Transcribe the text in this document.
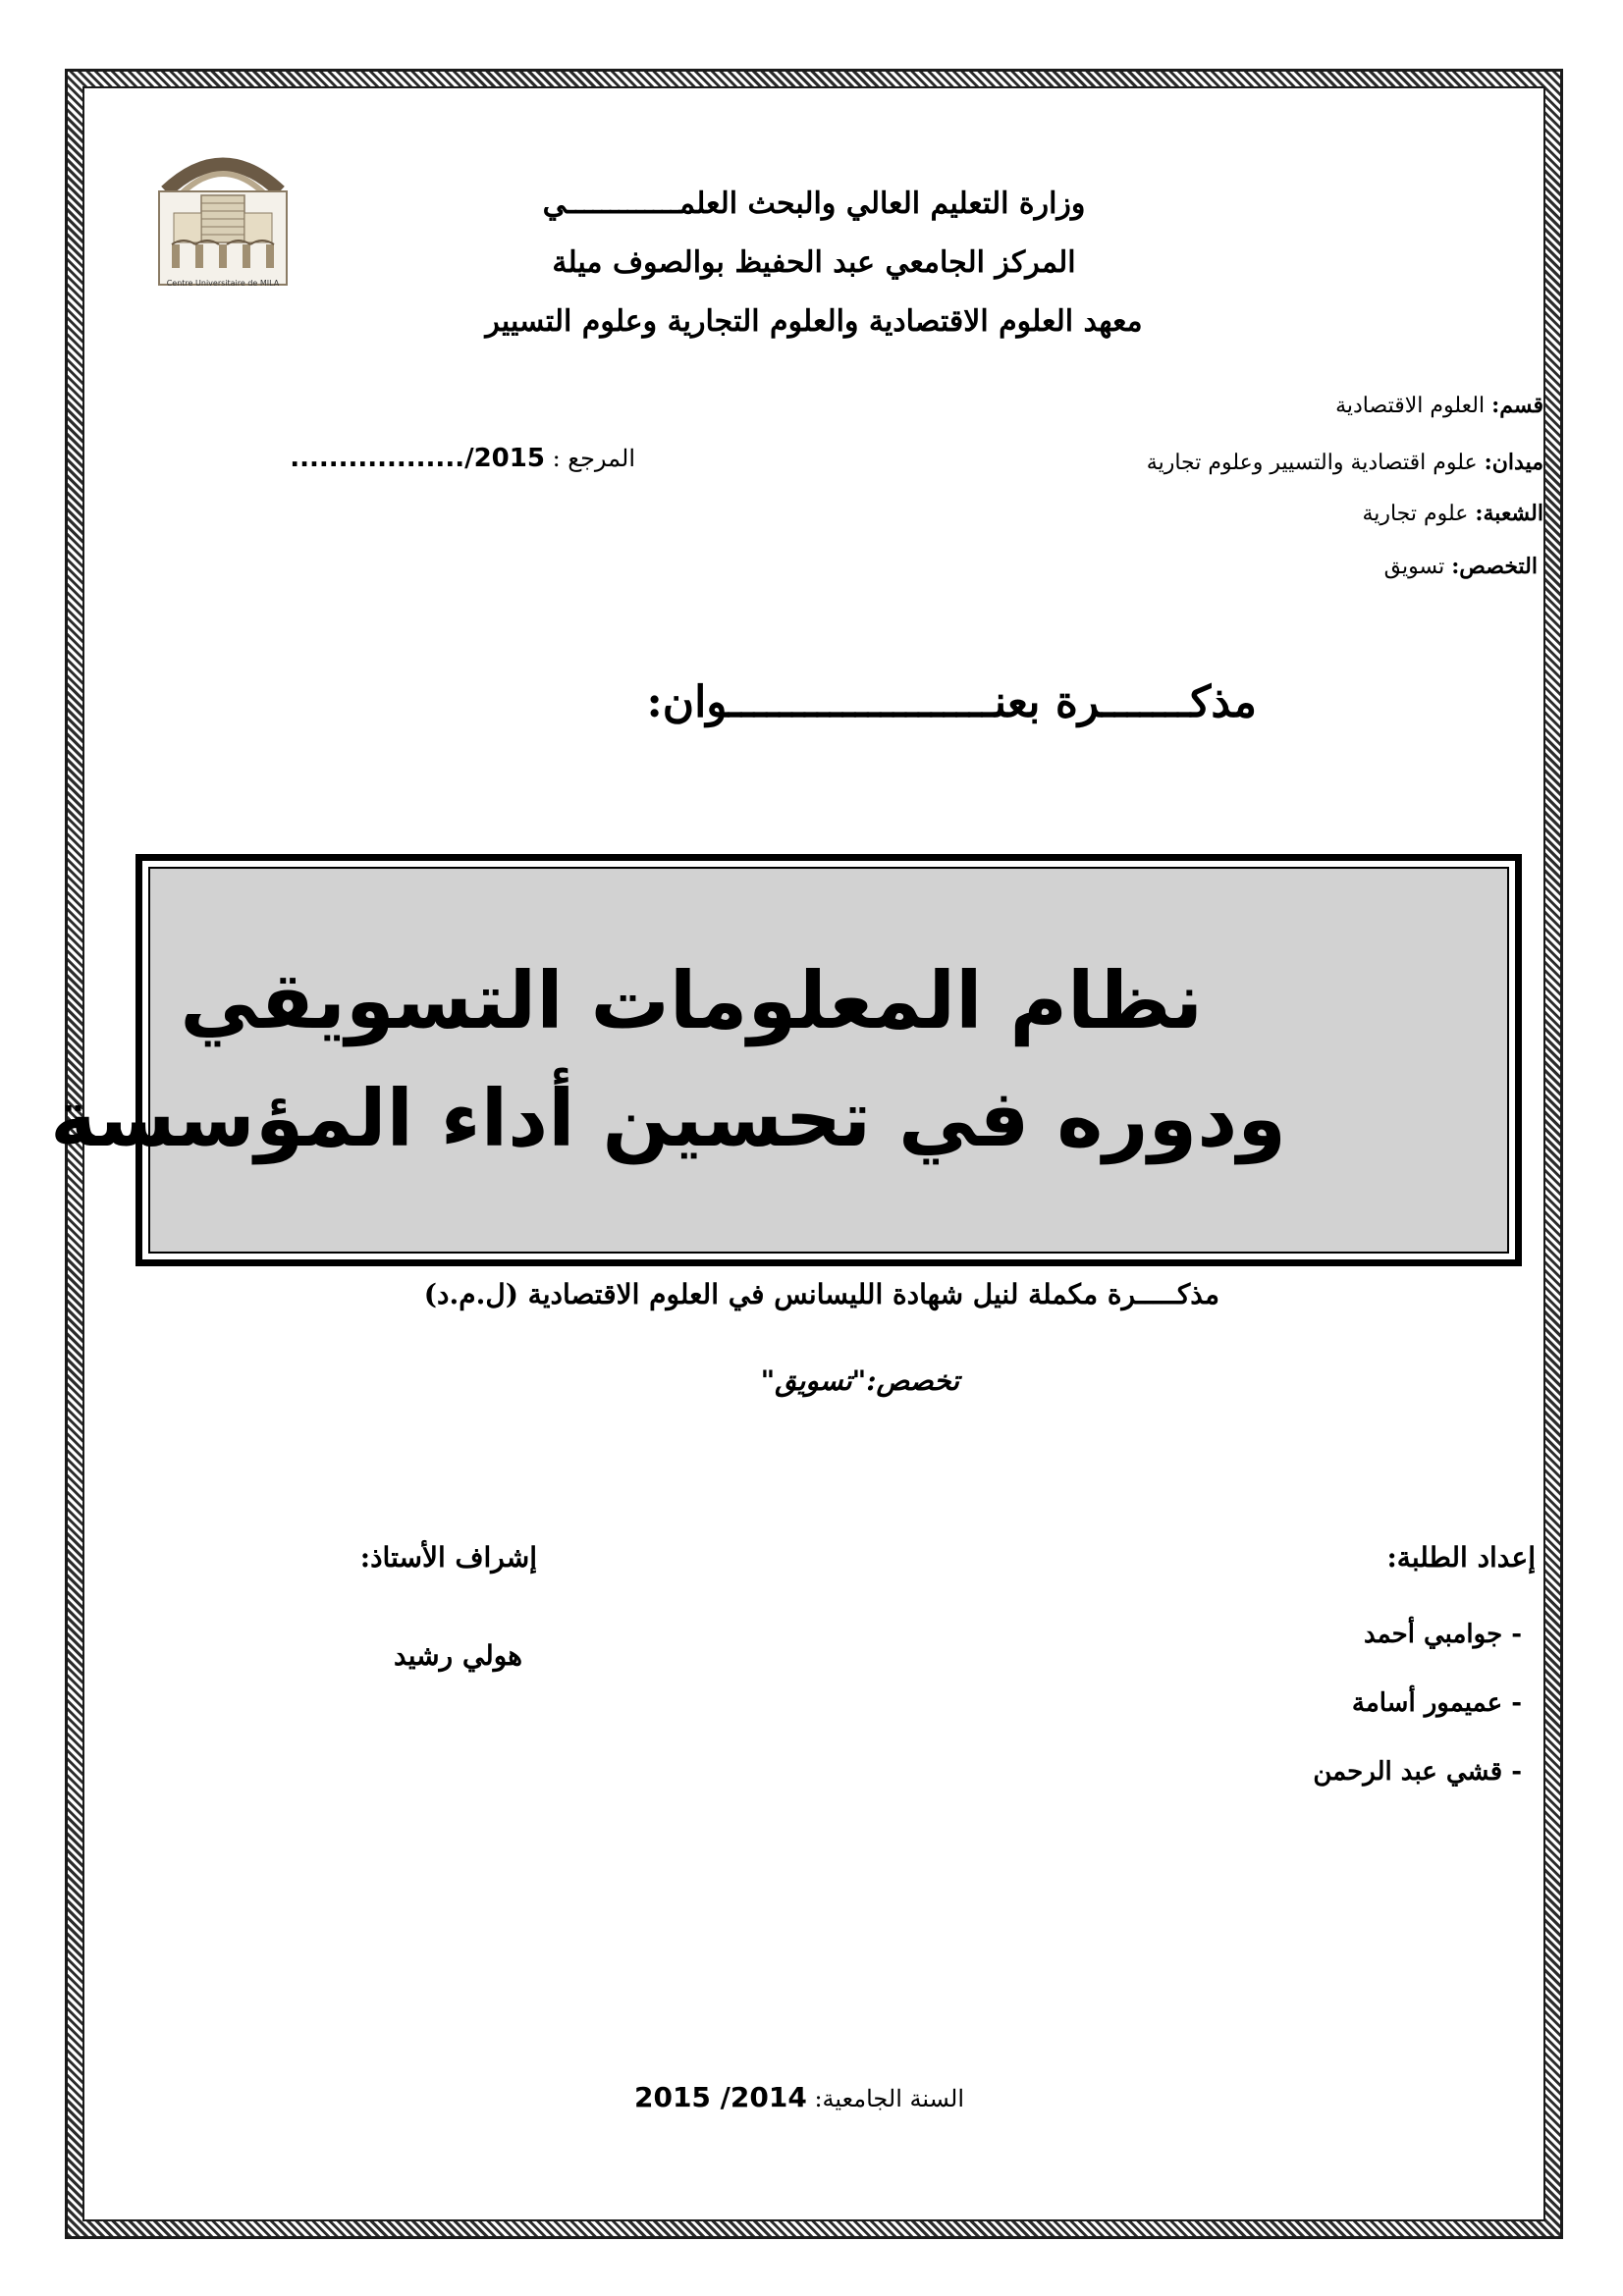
Centre Universitaire de MILA
وزارة التعليم العالي والبحث العلمـــــــــــــي
المركز الجامعي عبد الحفيظ بوالصوف ميلة
معهد العلوم الاقتصادية والعلوم التجارية وعلوم التسيير
قسم: العلوم الاقتصادية
ميدان: علوم اقتصادية والتسيير وعلوم تجارية
الشعبة: علوم تجارية
التخصص: تسويق
المرجع : ................../2015
مذكـــــــرة بعنـــــــــــــــــــــوان:
نظام المعلومات التسويقي
ودوره في تحسين أداء المؤسسة
مذكـــــرة مكملة لنيل شهادة الليسانس في العلوم الاقتصادية (ل.م.د)
تخصص:"تسويق"
إعداد الطلبة:
- جوامبي أحمد
- عميمور أسامة
- قشي عبد الرحمن
إشراف الأستاذ:
هولي رشيد
السنة الجامعية: 2015 /2014
